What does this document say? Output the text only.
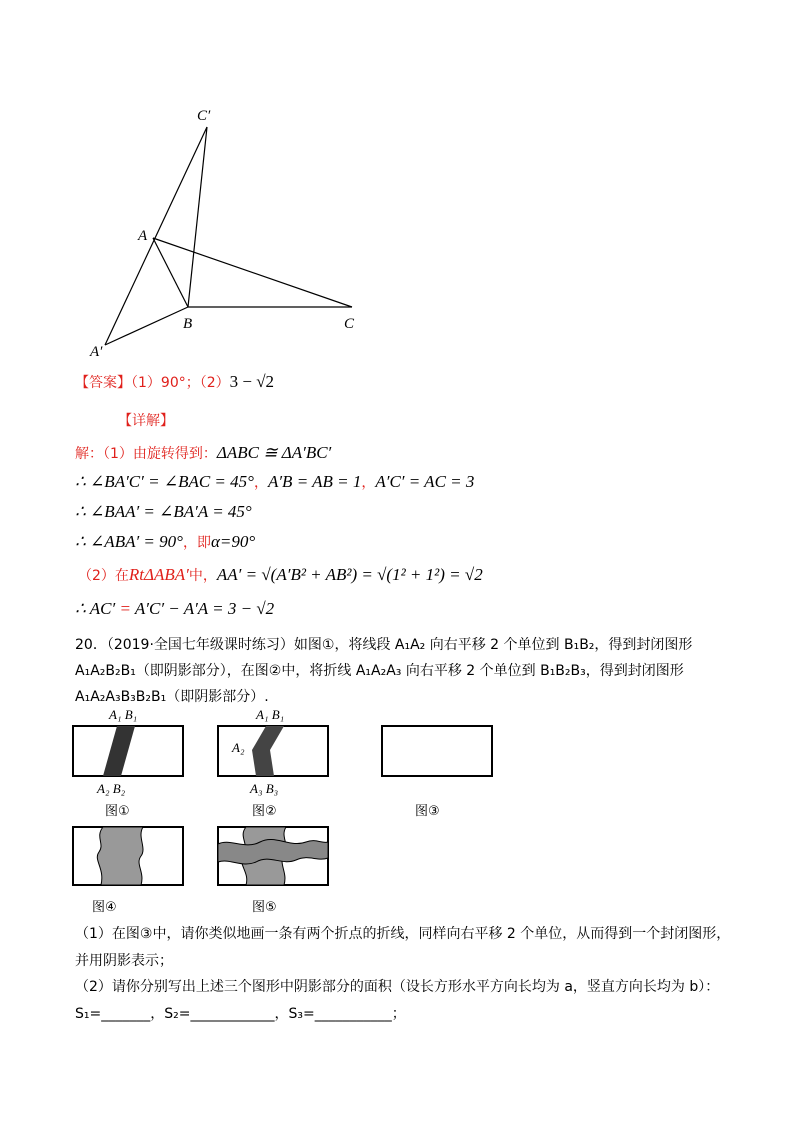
C′
A
B	C
A′
【答案】（1）90°；（2）3 − √2
【详解】
解：（1）由旋转得到：ΔABC ≅ ΔA′BC′
∴ ∠BA′C′ = ∠BAC = 45°，A′B = AB = 1，A′C′ = AC = 3
∴ ∠BAA′ = ∠BA′A = 45°
∴ ∠ABA′ = 90°，即α=90°
（2）在RtΔABA′中，AA′ = √(A′B² + AB²) = √(1² + 1²) = √2
∴ AC′ = A′C′ − A′A = 3 − √2
20．（2019·全国七年级课时练习）如图①，将线段 A₁A₂ 向右平移 2 个单位到 B₁B₂，得到封闭图形
A₁A₂B₂B₁（即阴影部分），在图②中，将折线 A₁A₂A₃ 向右平移 2 个单位到 B₁B₂B₃，得到封闭图形
A₁A₂A₃B₃B₂B₁（即阴影部分）.
A₁ B₁
A₂ B₂
图①
A₁ B₁
A₂ B₂
A₃ B₃
图②	图③
图④	图⑤
（1）在图③中，请你类似地画一条有两个折点的折线，同样向右平移 2 个单位，从而得到一个封闭图形，
并用阴影表示；
（2）请你分别写出上述三个图形中阴影部分的面积（设长方形水平方向长均为 a，竖直方向长均为 b）：
S₁=_______，S₂=____________，S₃=___________；
